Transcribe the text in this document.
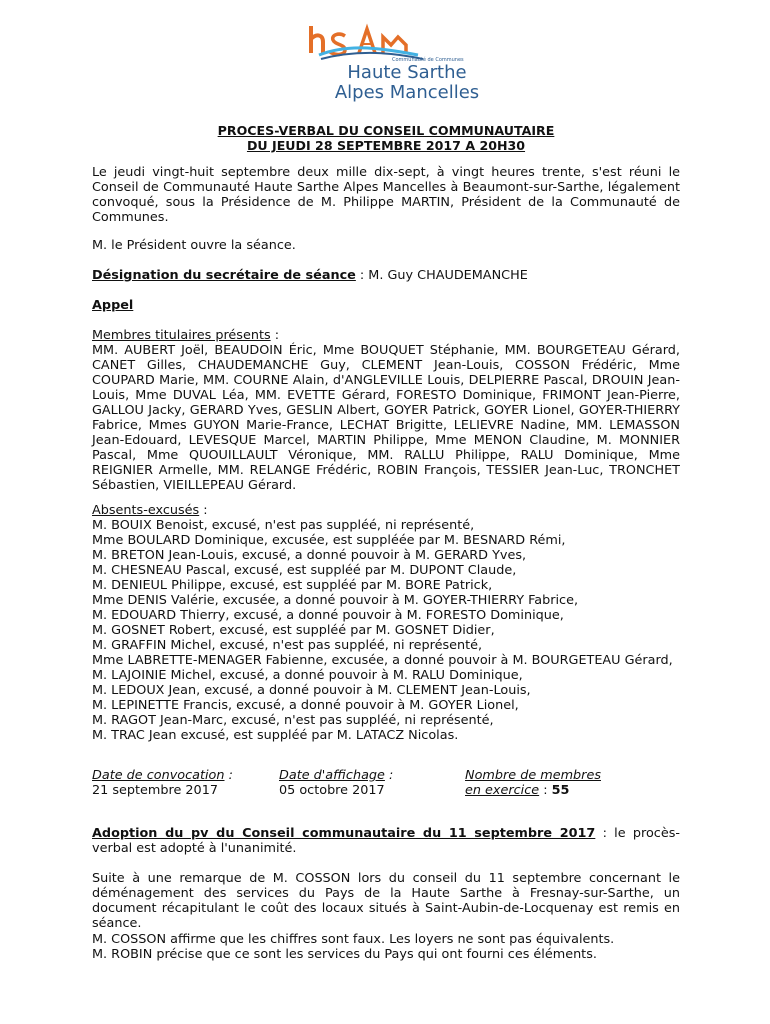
Communauté de Communes
Haute Sarthe
Alpes Mancelles
PROCES-VERBAL DU CONSEIL COMMUNAUTAIRE
DU JEUDI 28 SEPTEMBRE 2017 A 20H30
Le jeudi vingt-huit septembre deux mille dix-sept, à vingt heures trente, s'est réuni le Conseil de Communauté Haute Sarthe Alpes Mancelles à Beaumont-sur-Sarthe, légalement convoqué, sous la Présidence de M. Philippe MARTIN, Président de la Communauté de Communes.
M. le Président ouvre la séance.
Désignation du secrétaire de séance : M. Guy CHAUDEMANCHE
Appel
Membres titulaires présents :
MM. AUBERT Joël, BEAUDOIN Éric, Mme BOUQUET Stéphanie, MM. BOURGETEAU Gérard, CANET Gilles, CHAUDEMANCHE Guy, CLEMENT Jean-Louis, COSSON Frédéric, Mme COUPARD Marie, MM. COURNE Alain, d'ANGLEVILLE Louis, DELPIERRE Pascal, DROUIN Jean-Louis, Mme DUVAL Léa, MM. EVETTE Gérard, FORESTO Dominique, FRIMONT Jean-Pierre, GALLOU Jacky, GERARD Yves, GESLIN Albert, GOYER Patrick, GOYER Lionel, GOYER-THIERRY Fabrice, Mmes GUYON Marie-France, LECHAT Brigitte, LELIEVRE Nadine, MM. LEMASSON Jean-Edouard, LEVESQUE Marcel, MARTIN Philippe, Mme MENON Claudine, M. MONNIER Pascal, Mme QUOUILLAULT Véronique, MM. RALLU Philippe, RALU Dominique, Mme REIGNIER Armelle, MM. RELANGE Frédéric, ROBIN François, TESSIER Jean-Luc, TRONCHET Sébastien, VIEILLEPEAU Gérard.
Absents-excusés :
M. BOUIX Benoist, excusé, n'est pas suppléé, ni représenté,
Mme BOULARD Dominique, excusée, est suppléée par M. BESNARD Rémi,
M. BRETON Jean-Louis, excusé, a donné pouvoir à M. GERARD Yves,
M. CHESNEAU Pascal, excusé, est suppléé par M. DUPONT Claude,
M. DENIEUL Philippe, excusé, est suppléé par M. BORE Patrick,
Mme DENIS Valérie, excusée, a donné pouvoir à M. GOYER-THIERRY Fabrice,
M. EDOUARD Thierry, excusé, a donné pouvoir à M. FORESTO Dominique,
M. GOSNET Robert, excusé, est suppléé par M. GOSNET Didier,
M. GRAFFIN Michel, excusé, n'est pas suppléé, ni représenté,
Mme LABRETTE-MENAGER Fabienne, excusée, a donné pouvoir à M. BOURGETEAU Gérard,
M. LAJOINIE Michel, excusé, a donné pouvoir à M. RALU Dominique,
M. LEDOUX Jean, excusé, a donné pouvoir à M. CLEMENT Jean-Louis,
M. LEPINETTE Francis, excusé, a donné pouvoir à M. GOYER Lionel,
M. RAGOT Jean-Marc, excusé, n'est pas suppléé, ni représenté,
M. TRAC Jean excusé, est suppléé par M. LATACZ Nicolas.
Date de convocation :
21 septembre 2017
Date d'affichage :
05 octobre 2017
Nombre de membres
en exercice : 55
Adoption du pv du Conseil communautaire du 11 septembre 2017 : le procès-verbal est adopté à l'unanimité.
Suite à une remarque de M. COSSON lors du conseil du 11 septembre concernant le déménagement des services du Pays de la Haute Sarthe à Fresnay-sur-Sarthe, un document récapitulant le coût des locaux situés à Saint-Aubin-de-Locquenay est remis en séance.
M. COSSON affirme que les chiffres sont faux. Les loyers ne sont pas équivalents.
M. ROBIN précise que ce sont les services du Pays qui ont fourni ces éléments.
